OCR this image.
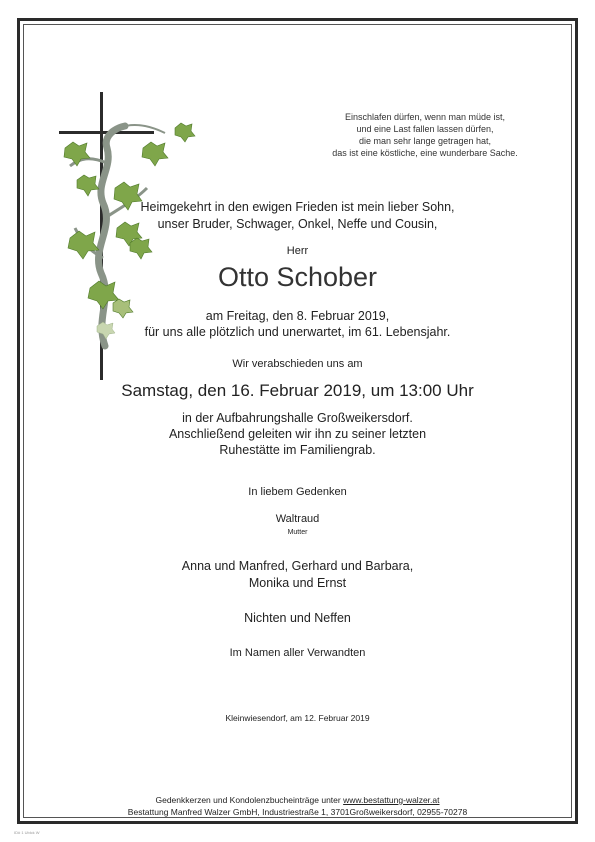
Einschlafen dürfen, wenn man müde ist,
und eine Last fallen lassen dürfen,
die man sehr lange getragen hat,
das ist eine köstliche, eine wunderbare Sache.
Heimgekehrt in den ewigen Frieden ist mein lieber Sohn,
unser Bruder, Schwager, Onkel, Neffe und Cousin,
Herr
Otto Schober
am Freitag, den 8. Februar 2019,
für uns alle plötzlich und unerwartet, im 61. Lebensjahr.
Wir verabschieden uns am
Samstag, den 16. Februar 2019, um 13:00 Uhr
in der Aufbahrungshalle Großweikersdorf.
Anschließend geleiten wir ihn zu seiner letzten
Ruhestätte im Familiengrab.
In liebem Gedenken
Waltraud
Mutter
Anna und Manfred, Gerhard und Barbara,
Monika und Ernst
Nichten und Neffen
Im Namen aller Verwandten
Kleinwiesendorf, am 12. Februar 2019
Gedenkkerzen und Kondolenzbucheinträge unter www.bestattung-walzer.at
Bestattung Manfred Walzer GmbH, Industriestraße 1, 3701Großweikersdorf, 02955-70278
ID# 1 Ublck W
